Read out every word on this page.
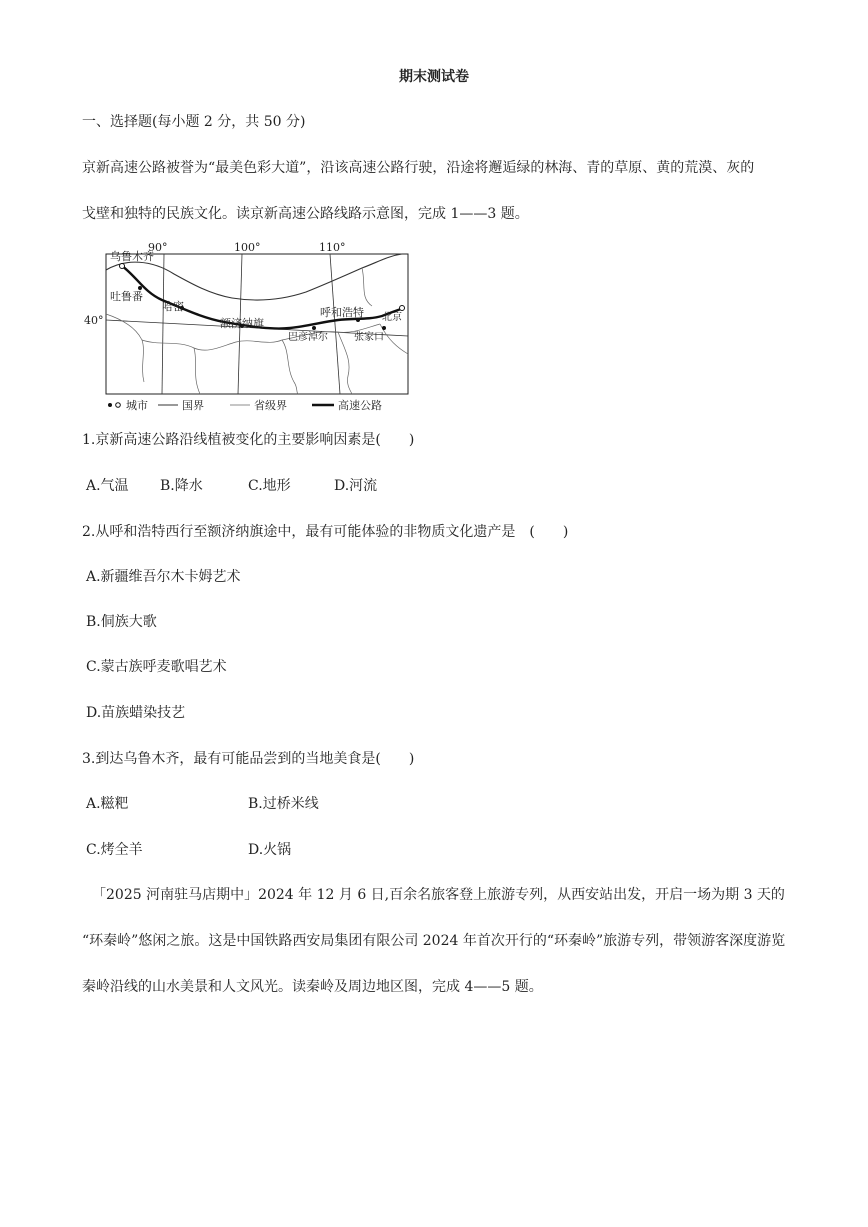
期末测试卷
一、选择题(每小题 2 分，共 50 分)
京新高速公路被誉为“最美色彩大道”，沿该高速公路行驶，沿途将邂逅绿的林海、青的草原、黄的荒漠、灰的
戈壁和独特的民族文化。读京新高速公路线路示意图，完成 1——3 题。
90°	100°	110°
40°
乌鲁木齐
吐鲁番
哈密
额济纳旗
呼和浩特 北京
巴彦淖尔	张家口
城市	国界	省级界	高速公路
1.京新高速公路沿线植被变化的主要影响因素是(　　)
A.气温 B.降水	C.地形	D.河流
2.从呼和浩特西行至额济纳旗途中，最有可能体验的非物质文化遗产是　(　　)
A.新疆维吾尔木卡姆艺术
B.侗族大歌
C.蒙古族呼麦歌唱艺术
D.苗族蜡染技艺
3.到达乌鲁木齐，最有可能品尝到的当地美食是(　　)
A.糍粑	B.过桥米线
C.烤全羊	D.火锅
「2025 河南驻马店期中」2024 年 12 月 6 日,百余名旅客登上旅游专列，从西安站出发，开启一场为期 3 天的
“环秦岭”悠闲之旅。这是中国铁路西安局集团有限公司 2024 年首次开行的“环秦岭”旅游专列，带领游客深度游览
秦岭沿线的山水美景和人文风光。读秦岭及周边地区图，完成 4——5 题。
